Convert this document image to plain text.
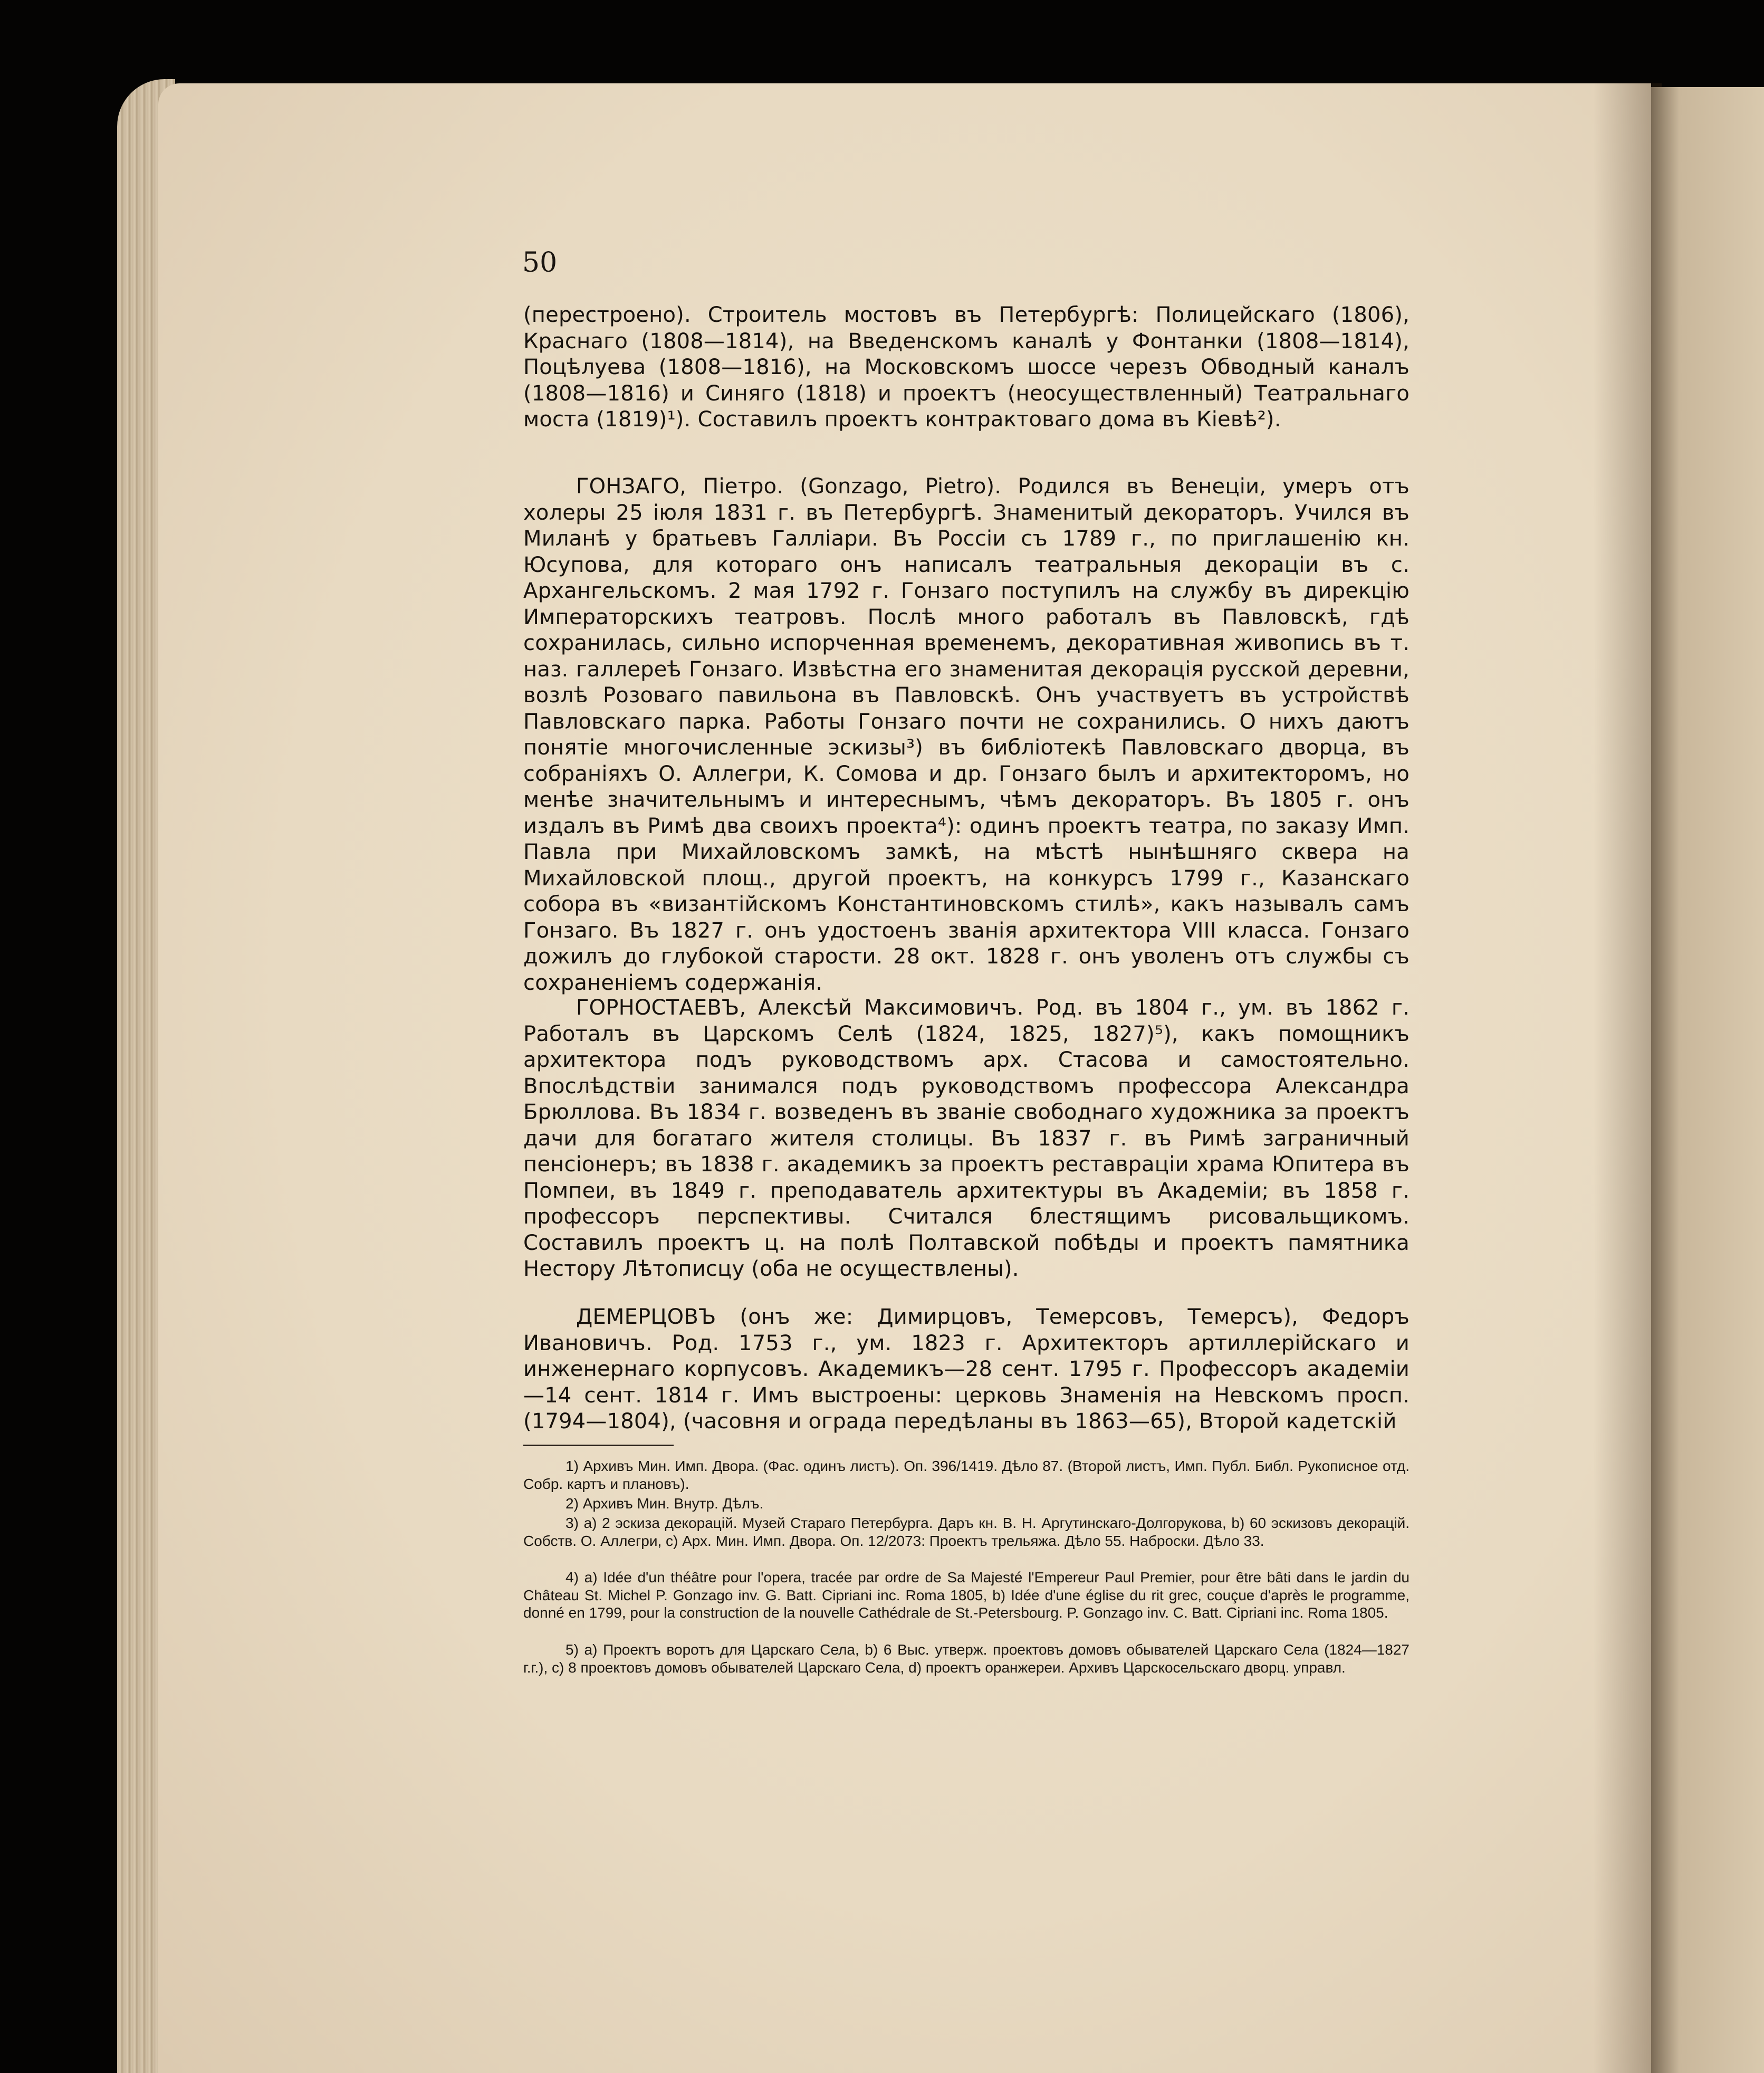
50

(перестроено). Строитель мостовъ въ Петербургѣ: Полицейскаго (1806), Краснаго (1808—1814), на Введенскомъ каналѣ у Фонтанки (1808—1814), Поцѣлуева (1808—1816), на Московскомъ шоссе черезъ Обводный каналъ (1808—1816) и Синяго (1818) и проектъ (неосуществленный) Театральнаго моста (1819)¹). Составилъ проектъ контрактоваго дома въ Кіевѣ²).

ГОНЗАГО, Піетро. (Gonzago, Pietro). Родился въ Венеціи, умеръ отъ холеры 25 іюля 1831 г. въ Петербургѣ. Знаменитый декораторъ. Учился въ Миланѣ у братьевъ Галліари. Въ Россіи съ 1789 г., по приглашенію кн. Юсупова, для котораго онъ написалъ театральныя декораціи въ с. Архангельскомъ. 2 мая 1792 г. Гонзаго поступилъ на службу въ дирекцію Императорскихъ театровъ. Послѣ много работалъ въ Павловскѣ, гдѣ сохранилась, сильно испорченная временемъ, декоративная живопись въ т. наз. галлереѣ Гонзаго. Извѣстна его знаменитая декорація русской деревни, возлѣ Розоваго павильона въ Павловскѣ. Онъ участвуетъ въ устройствѣ Павловскаго парка. Работы Гонзаго почти не сохранились. О нихъ даютъ понятіе многочисленные эскизы³) въ библіотекѣ Павловскаго дворца, въ собраніяхъ О. Аллегри, К. Сомова и др. Гонзаго былъ и архитекторомъ, но менѣе значительнымъ и интереснымъ, чѣмъ декораторъ. Въ 1805 г. онъ издалъ въ Римѣ два своихъ проекта⁴): одинъ проектъ театра, по заказу Имп. Павла при Михайловскомъ замкѣ, на мѣстѣ нынѣшняго сквера на Михайловской площ., другой проектъ, на конкурсъ 1799 г., Казанскаго собора въ «византійскомъ Константиновскомъ стилѣ», какъ называлъ самъ Гонзаго. Въ 1827 г. онъ удостоенъ званія архитектора VIII класса. Гонзаго дожилъ до глубокой старости. 28 окт. 1828 г. онъ уволенъ отъ службы съ сохраненіемъ содержанія.

ГОРНОСТАЕВЪ, Алексѣй Максимовичъ. Род. въ 1804 г., ум. въ 1862 г. Работалъ въ Царскомъ Селѣ (1824, 1825, 1827)⁵), какъ помощникъ архитектора подъ руководствомъ арх. Стасова и самостоятельно. Впослѣдствіи занимался подъ руководствомъ профессора Александра Брюллова. Въ 1834 г. возведенъ въ званіе свободнаго художника за проектъ дачи для богатаго жителя столицы. Въ 1837 г. въ Римѣ заграничный пенсіонеръ; въ 1838 г. академикъ за проектъ реставраціи храма Юпитера въ Помпеи, въ 1849 г. преподаватель архитектуры въ Академіи; въ 1858 г. профессоръ перспективы. Считался блестящимъ рисовальщикомъ. Составилъ проектъ ц. на полѣ Полтавской побѣды и проектъ памятника Нестору Лѣтописцу (оба не осуществлены).

ДЕМЕРЦОВЪ (онъ же: Димирцовъ, Темерсовъ, Темерсъ), Федоръ Ивановичъ. Род. 1753 г., ум. 1823 г. Архитекторъ артиллерійскаго и инженернаго корпусовъ. Академикъ—28 сент. 1795 г. Профессоръ академіи—14 сент. 1814 г. Имъ выстроены: церковь Знаменія на Невскомъ просп. (1794—1804), (часовня и ограда передѣланы въ 1863—65), Второй кадетскій

1) Архивъ Мин. Имп. Двора. (Фас. одинъ листъ). Оп. 396/1419. Дѣло 87. (Второй листъ, Имп. Публ. Библ. Рукописное отд. Собр. картъ и плановъ).

2) Архивъ Мин. Внутр. Дѣлъ.

3) а) 2 эскиза декорацій. Музей Стараго Петербурга. Даръ кн. В. Н. Аргутинскаго-Долгорукова, b) 60 эскизовъ декорацій. Собств. О. Аллегри, с) Арх. Мин. Имп. Двора. Оп. 12/2073: Проектъ трельяжа. Дѣло 55. Наброски. Дѣло 33.

4) а) Idée d'un théâtre pour l'opera, tracée par ordre de Sa Majesté l'Empereur Paul Premier, pour être bâti dans le jardin du Château St. Michel P. Gonzago inv. G. Batt. Cipriani inc. Roma 1805, b) Idée d'une église du rit grec, couçue d'après le programme, donné en 1799, pour la construction de la nouvelle Cathédrale de St.-Petersbourg. P. Gonzago inv. C. Batt. Cipriani inc. Roma 1805.

5) а) Проектъ воротъ для Царскаго Села, b) 6 Выс. утверж. проектовъ домовъ обывателей Царскаго Села (1824—1827 г.г.), с) 8 проектовъ домовъ обывателей Царскаго Села, d) проектъ оранжереи. Архивъ Царскосельскаго дворц. управл.
